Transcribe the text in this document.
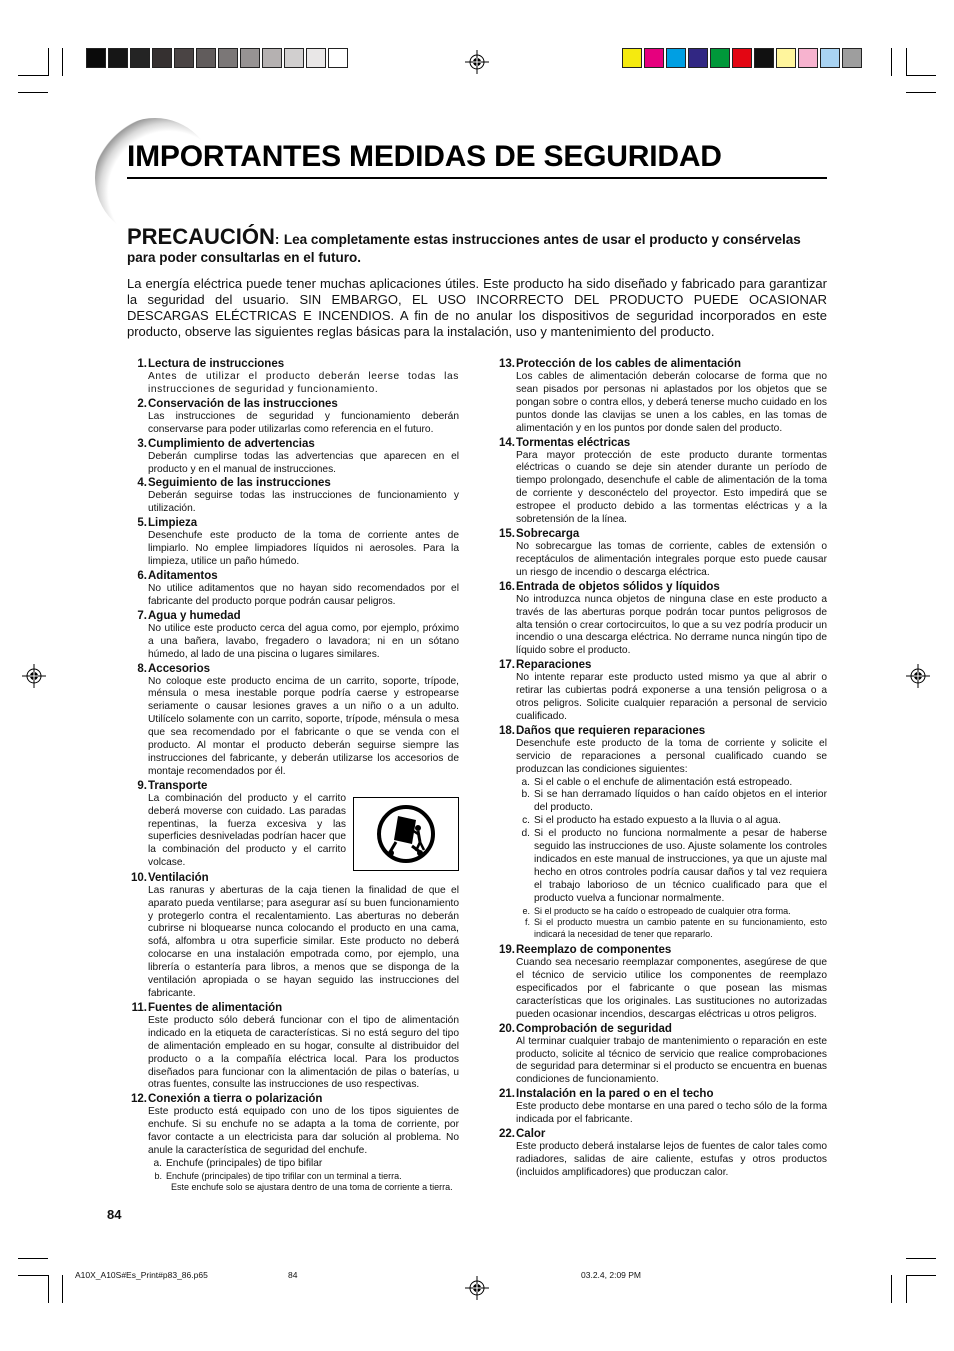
IMPORTANTES MEDIDAS DE SEGURIDAD
PRECAUCIÓN: Lea completamente estas instrucciones antes de usar el producto y consérvelas
para poder consultarlas en el futuro.

La energía eléctrica puede tener muchas aplicaciones útiles. Este producto ha sido diseñado y fabricado para garantizar la seguridad del usuario. SIN EMBARGO, EL USO INCORRECTO DEL PRODUCTO PUEDE OCASIONAR DESCARGAS ELÉCTRICAS E INCENDIOS. A fin de no anular los dispositivos de seguridad incorporados en este producto, observe las siguientes reglas básicas para la instalación, uso y mantenimiento del producto.

1.Lectura de instrucciones

Antes de utilizar el producto deberán leerse todas las instrucciones de seguridad y funcionamiento.

2.Conservación de las instrucciones

Las instrucciones de seguridad y funcionamiento deberán conservarse para poder utilizarlas como referencia en el futuro.

3.Cumplimiento de advertencias

Deberán cumplirse todas las advertencias que aparecen en el producto y en el manual de instrucciones.

4.Seguimiento de las instrucciones

Deberán seguirse todas las instrucciones de funcionamiento y utilización.

5.Limpieza

Desenchufe este producto de la toma de corriente antes de limpiarlo. No emplee limpiadores líquidos ni aerosoles. Para la limpieza, utilice un paño húmedo.

6.Aditamentos

No utilice aditamentos que no hayan sido recomendados por el fabricante del producto porque podrán causar peligros.

7.Agua y humedad

No utilice este producto cerca del agua como, por ejemplo, próximo a una bañera, lavabo, fregadero o lavadora; ni en un sótano húmedo, al lado de una piscina o lugares similares.

8.Accesorios

No coloque este producto encima de un carrito, soporte, trípode, ménsula o mesa inestable porque podría caerse y estropearse seriamente o causar lesiones graves a un niño o a un adulto. Utilícelo solamente con un carrito, soporte, trípode, ménsula o mesa que sea recomendado por el fabricante o que se venda con el producto. Al montar el producto deberán seguirse siempre las instrucciones del fabricante, y deberán utilizarse los accesorios de montaje recomendados por él.

9.Transporte

La combinación del producto y el carrito deberá moverse con cuidado. Las paradas repentinas, la fuerza excesiva y las superficies desniveladas podrían hacer que la combinación del producto y el carrito volcase.

10.Ventilación

Las ranuras y aberturas de la caja tienen la finalidad de que el aparato pueda ventilarse; para asegurar así su buen funcionamiento y protegerlo contra el recalentamiento. Las aberturas no deberán cubrirse ni bloquearse nunca colocando el producto en una cama, sofá, alfombra u otra superficie similar. Este producto no deberá colocarse en una instalación empotrada como, por ejemplo, una librería o estantería para libros, a menos que se disponga de la ventilación apropiada o se hayan seguido las instrucciones del fabricante.

11.Fuentes de alimentación

Este producto sólo deberá funcionar con el tipo de alimentación indicado en la etiqueta de características. Si no está seguro del tipo de alimentación empleado en su hogar, consulte al distribuidor del producto o a la compañía eléctrica local. Para los productos diseñados para funcionar con la alimentación de pilas o baterías, u otras fuentes, consulte las instrucciones de uso respectivas.

12.Conexión a tierra o polarización

Este producto está equipado con uno de los tipos siguientes de enchufe. Si su enchufe no se adapta a la toma de corriente, por favor contacte a un electricista para dar solución al problema. No anule la característica de seguridad del enchufe.

a. Enchufe (principales) de tipo bifilar
b. Enchufe (principales) de tipo trifilar con un terminal a tierra.
Este enchufe solo se ajustara dentro de una toma de corriente a tierra.

13.Protección de los cables de alimentación

Los cables de alimentación deberán colocarse de forma que no sean pisados por personas ni aplastados por los objetos que se pongan sobre o contra ellos, y deberá tenerse mucho cuidado en los puntos donde las clavijas se unen a los cables, en las tomas de alimentación y en los puntos por donde salen del producto.

14.Tormentas eléctricas

Para mayor protección de este producto durante tormentas eléctricas o cuando se deje sin atender durante un período de tiempo prolongado, desenchufe el cable de alimentación de la toma de corriente y desconéctelo del proyector. Esto impedirá que se estropee el producto debido a las tormentas eléctricas y a la sobretensión de la línea.

15.Sobrecarga

No sobrecargue las tomas de corriente, cables de extensión o receptáculos de alimentación integrales porque esto puede causar un riesgo de incendio o descarga eléctrica.

16.Entrada de objetos sólidos y líquidos

No introduzca nunca objetos de ninguna clase en este producto a través de las aberturas porque podrán tocar puntos peligrosos de alta tensión o crear cortocircuitos, lo que a su vez podría producir un incendio o una descarga eléctrica. No derrame nunca ningún tipo de líquido sobre el producto.

17.Reparaciones

No intente reparar este producto usted mismo ya que al abrir o retirar las cubiertas podrá exponerse a una tensión peligrosa o a otros peligros. Solicite cualquier reparación a personal de servicio cualificado.

18.Daños que requieren reparaciones

Desenchufe este producto de la toma de corriente y solicite el servicio de reparaciones a personal cualificado cuando se produzcan las condiciones siguientes:

a. Si el cable o el enchufe de alimentación está estropeado.
b. Si se han derramado líquidos o han caído objetos en el interior del producto.
c. Si el producto ha estado expuesto a la lluvia o al agua.
d. Si el producto no funciona normalmente a pesar de haberse seguido las instrucciones de uso. Ajuste solamente los controles indicados en este manual de instrucciones, ya que un ajuste mal hecho en otros controles podría causar daños y tal vez requiera el trabajo laborioso de un técnico cualificado para que el producto vuelva a funcionar normalmente.
e. Si el producto se ha caído o estropeado de cualquier otra forma.
f. Si el producto muestra un cambio patente en su funcionamiento, esto indicará la necesidad de tener que repararlo.

19.Reemplazo de componentes

Cuando sea necesario reemplazar componentes, asegúrese de que el técnico de servicio utilice los componentes de reemplazo especificados por el fabricante o que posean las mismas características que los originales. Las sustituciones no autorizadas pueden ocasionar incendios, descargas eléctricas u otros peligros.

20.Comprobación de seguridad

Al terminar cualquier trabajo de mantenimiento o reparación en este producto, solicite al técnico de servicio que realice comprobaciones de seguridad para determinar si el producto se encuentra en buenas condiciones de funcionamiento.

21.Instalación en la pared o en el techo

Este producto debe montarse en una pared o techo sólo de la forma indicada por el fabricante.

22.Calor

Este producto deberá instalarse lejos de fuentes de calor tales como radiadores, salidas de aire caliente, estufas y otros productos (incluidos amplificadores) que produczan calor.

84
A10X_A10S#Es_Print#p83_86.p65	84	03.2.4, 2:09 PM
